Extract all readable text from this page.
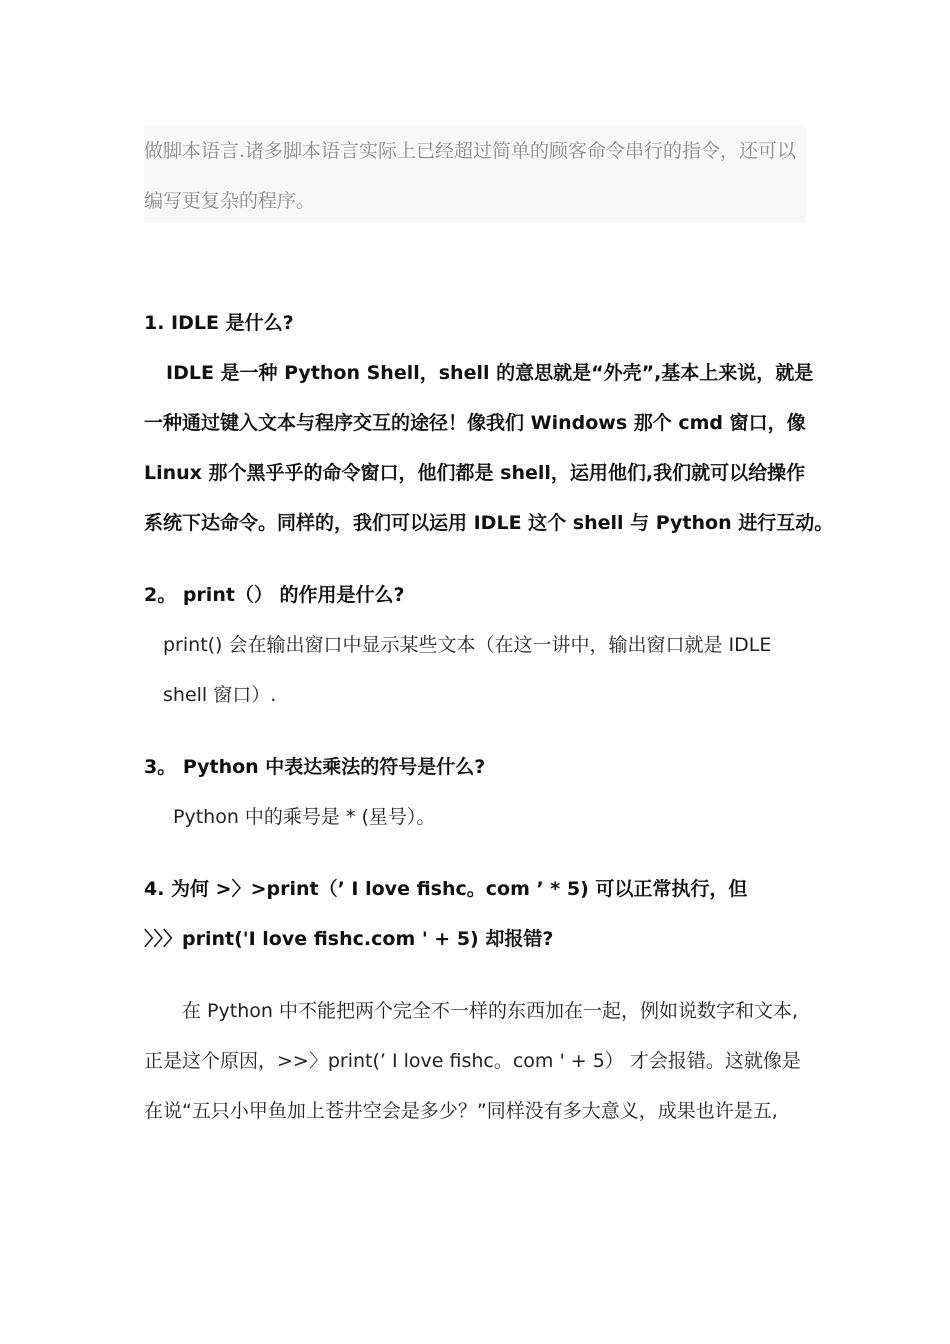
做脚本语言.诸多脚本语言实际上已经超过简单的顾客命令串行的指令，还可以
编写更复杂的程序。
1. IDLE 是什么?
IDLE 是一种 Python Shell，shell 的意思就是“外壳”,基本上来说，就是
一种通过键入文本与程序交互的途径！像我们 Windows 那个 cmd 窗口，像
Linux 那个黑乎乎的命令窗口，他们都是 shell，运用他们,我们就可以给操作
系统下达命令。同样的，我们可以运用 IDLE 这个 shell 与 Python 进行互动。
2。 print（） 的作用是什么?
print() 会在输出窗口中显示某些文本（在这一讲中，输出窗口就是 IDLE
shell 窗口）.
3。 Python 中表达乘法的符号是什么?
Python 中的乘号是 * (星号）。
4. 为何 >〉>print（’ I love fishc。com ’ * 5) 可以正常执行，但
〉〉〉print('I love fishc.com ' + 5) 却报错?
在 Python 中不能把两个完全不一样的东西加在一起，例如说数字和文本,
正是这个原因，>>〉print(’ I love fishc。com ' + 5） 才会报错。这就像是
在说“五只小甲鱼加上苍井空会是多少？”同样没有多大意义，成果也许是五,
